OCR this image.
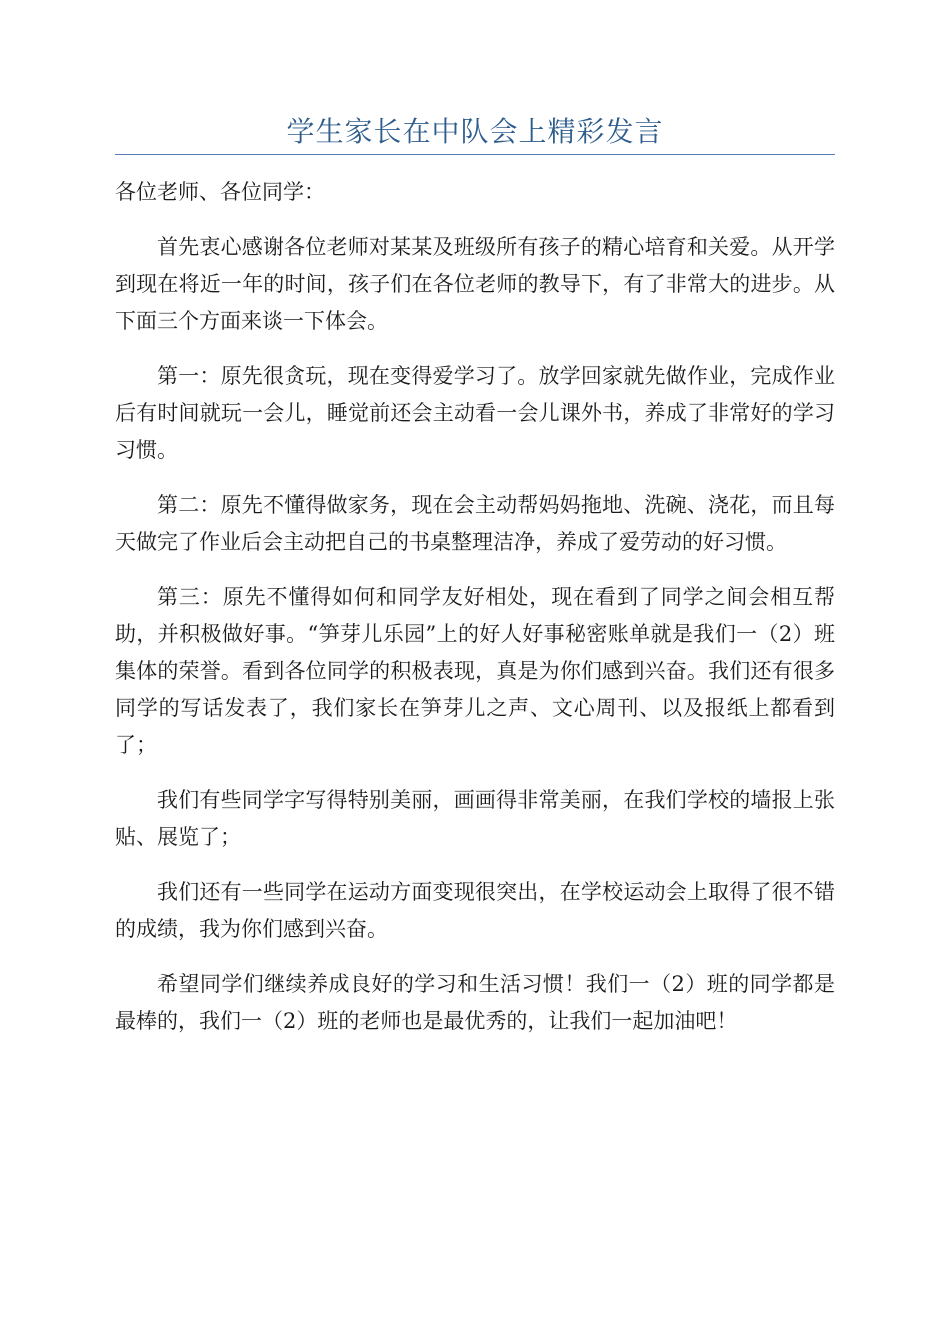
学生家长在中队会上精彩发言

各位老师、各位同学：

首先衷心感谢各位老师对某某及班级所有孩子的精心培育和关爱。从开学到现在将近一年的时间，孩子们在各位老师的教导下，有了非常大的进步。从下面三个方面来谈一下体会。

第一：原先很贪玩，现在变得爱学习了。放学回家就先做作业，完成作业后有时间就玩一会儿，睡觉前还会主动看一会儿课外书，养成了非常好的学习习惯。

第二：原先不懂得做家务，现在会主动帮妈妈拖地、洗碗、浇花，而且每天做完了作业后会主动把自己的书桌整理洁净，养成了爱劳动的好习惯。

第三：原先不懂得如何和同学友好相处，现在看到了同学之间会相互帮助，并积极做好事。“笋芽儿乐园”上的好人好事秘密账单就是我们一（2）班集体的荣誉。看到各位同学的积极表现，真是为你们感到兴奋。我们还有很多同学的写话发表了，我们家长在笋芽儿之声、文心周刊、以及报纸上都看到了；

我们有些同学字写得特别美丽，画画得非常美丽，在我们学校的墙报上张贴、展览了；

我们还有一些同学在运动方面变现很突出，在学校运动会上取得了很不错的成绩，我为你们感到兴奋。

希望同学们继续养成良好的学习和生活习惯！我们一（2）班的同学都是最棒的，我们一（2）班的老师也是最优秀的，让我们一起加油吧！
